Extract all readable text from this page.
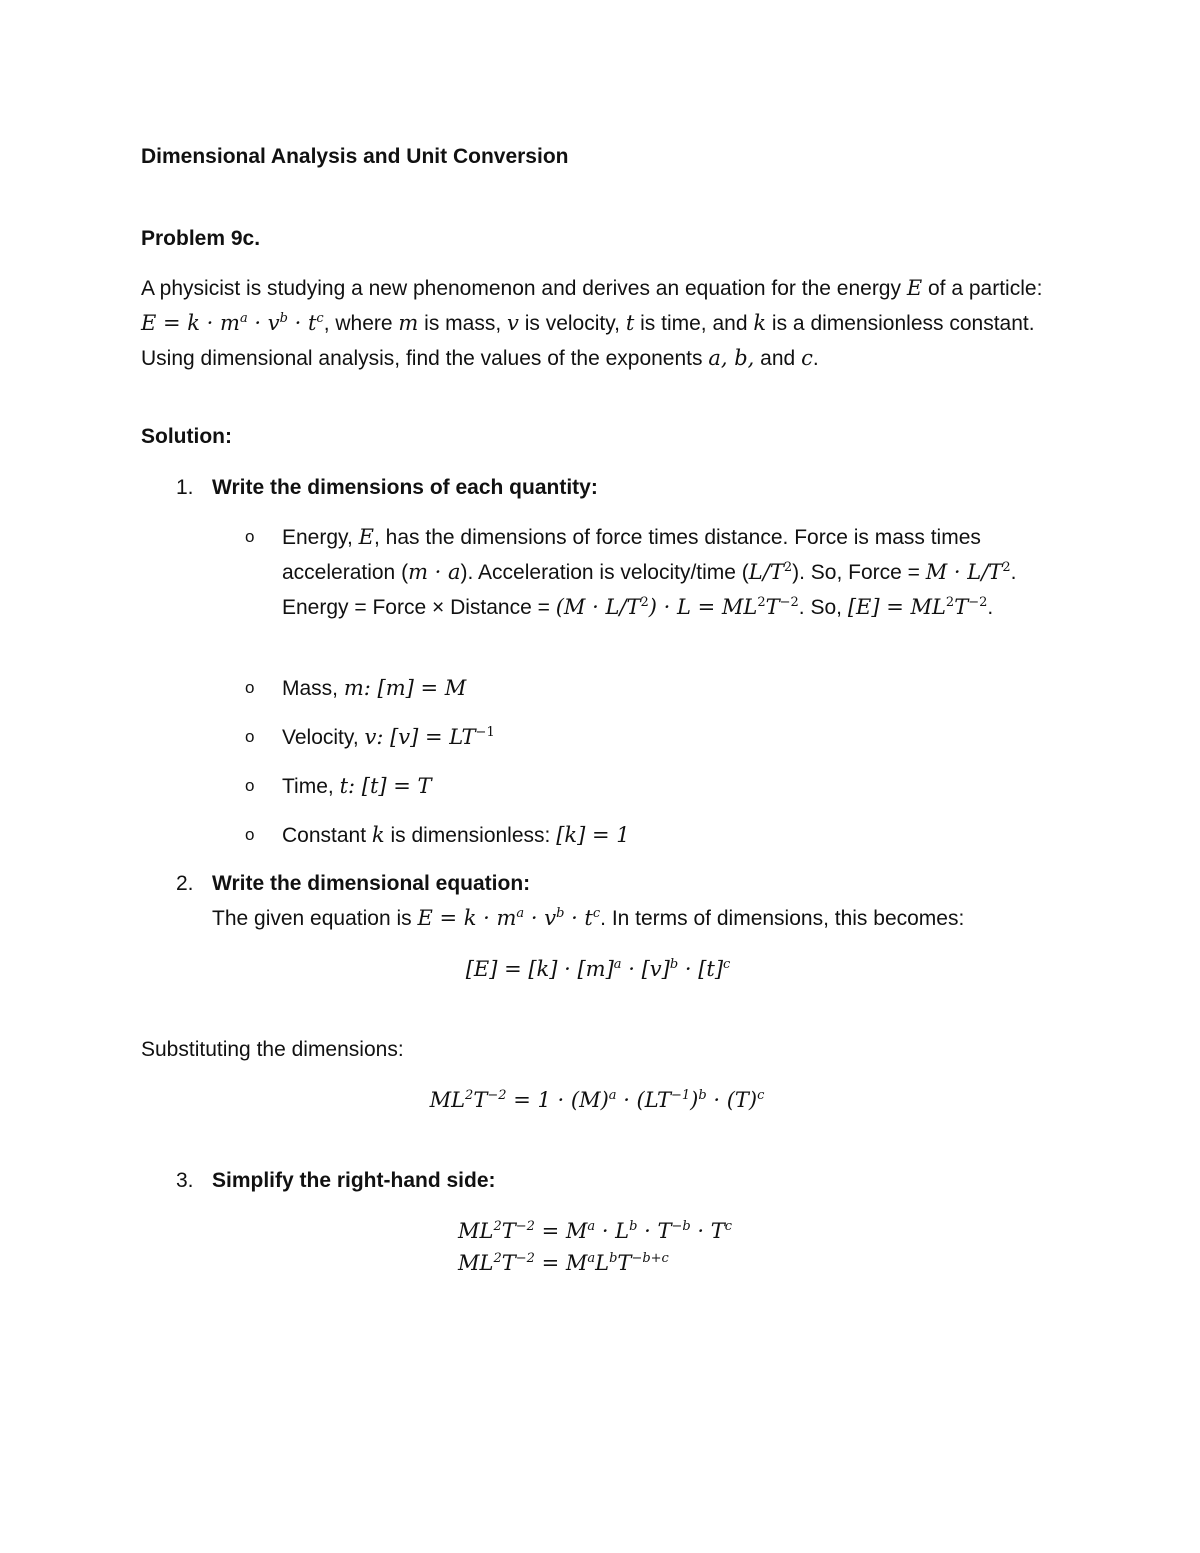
Dimensional Analysis and Unit Conversion
Problem 9c.
A physicist is studying a new phenomenon and derives an equation for the energy E of a particle: $E = k \cdot m^a \cdot v^b \cdot t^c$, where m is mass, v is velocity, t is time, and k is a dimensionless constant. Using dimensional analysis, find the values of the exponents a, b, and c.
Solution:
1. Write the dimensions of each quantity:
o Energy, E, has the dimensions of force times distance. Force is mass times acceleration (m · a). Acceleration is velocity/time $(L/T^2)$. So, Force = $M \cdot L/T^2$. Energy = Force × Distance = $(M \cdot L/T^2) \cdot L = ML^2T^{-2}$. So, $[E] = ML^2T^{-2}$.
o Mass, m: [m] = M
o Velocity, v: $[v] = LT^{-1}$
o Time, t: [t] = T
o Constant k is dimensionless: [k] = 1
2. Write the dimensional equation:
The given equation is $E = k \cdot m^a \cdot v^b \cdot t^c$. In terms of dimensions, this becomes:
$[E] = [k] \cdot [m]^a \cdot [v]^b \cdot [t]^c$
Substituting the dimensions:
$ML^2T^{-2} = 1 \cdot (M)^a \cdot (LT^{-1})^b \cdot (T)^c$
3. Simplify the right-hand side:
$ML^2T^{-2} = M^a \cdot L^b \cdot T^{-b} \cdot T^c$
$ML^2T^{-2} = M^aL^bT^{-b+c}$
